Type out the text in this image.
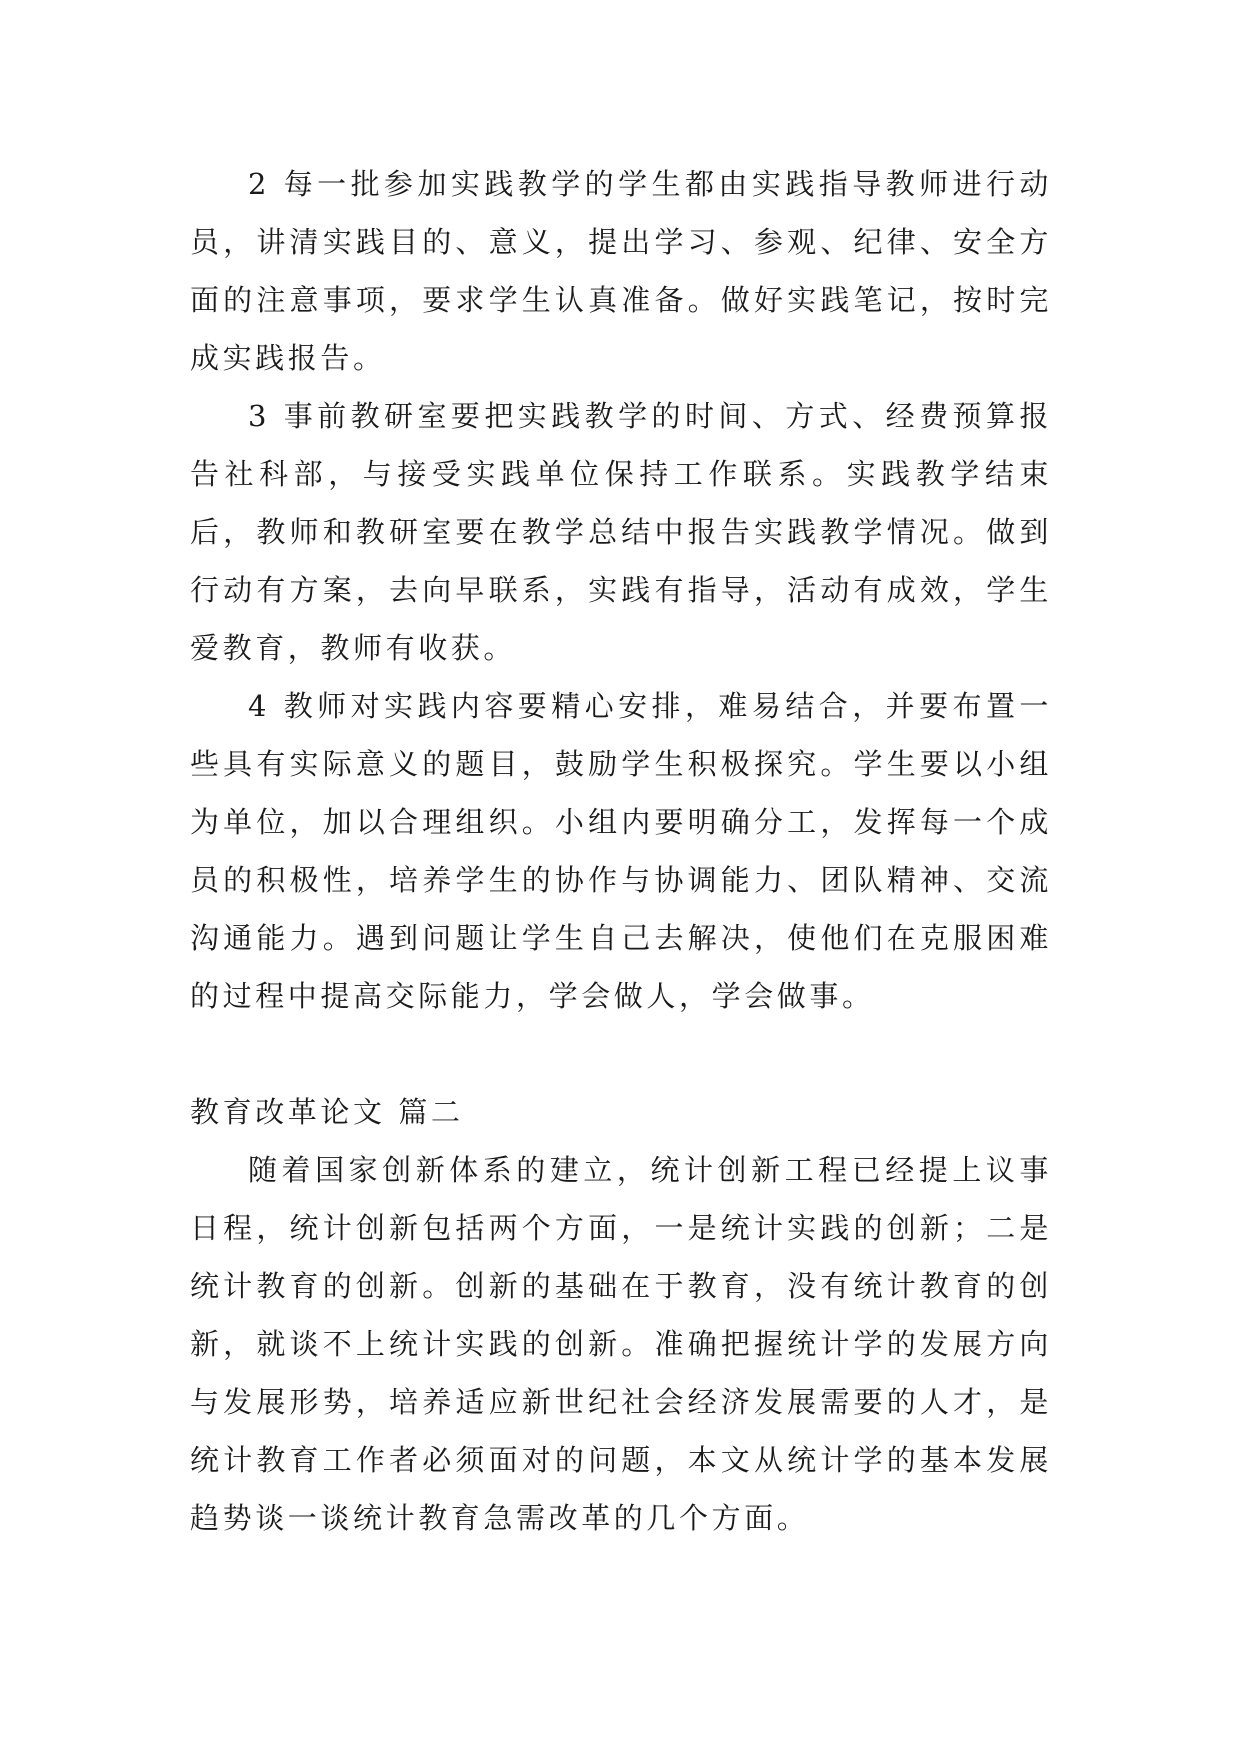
2 每一批参加实践教学的学生都由实践指导教师进行动员，讲清实践目的、意义，提出学习、参观、纪律、安全方面的注意事项，要求学生认真准备。做好实践笔记，按时完成实践报告。

3 事前教研室要把实践教学的时间、方式、经费预算报告社科部，与接受实践单位保持工作联系。实践教学结束后，教师和教研室要在教学总结中报告实践教学情况。做到行动有方案，去向早联系，实践有指导，活动有成效，学生爱教育，教师有收获。

4 教师对实践内容要精心安排，难易结合，并要布置一些具有实际意义的题目，鼓励学生积极探究。学生要以小组为单位，加以合理组织。小组内要明确分工，发挥每一个成员的积极性，培养学生的协作与协调能力、团队精神、交流沟通能力。遇到问题让学生自己去解决，使他们在克服困难的过程中提高交际能力，学会做人，学会做事。

教育改革论文 篇二

随着国家创新体系的建立，统计创新工程已经提上议事日程，统计创新包括两个方面，一是统计实践的创新；二是统计教育的创新。创新的基础在于教育，没有统计教育的创新，就谈不上统计实践的创新。准确把握统计学的发展方向与发展形势，培养适应新世纪社会经济发展需要的人才，是统计教育工作者必须面对的问题，本文从统计学的基本发展趋势谈一谈统计教育急需改革的几个方面。
